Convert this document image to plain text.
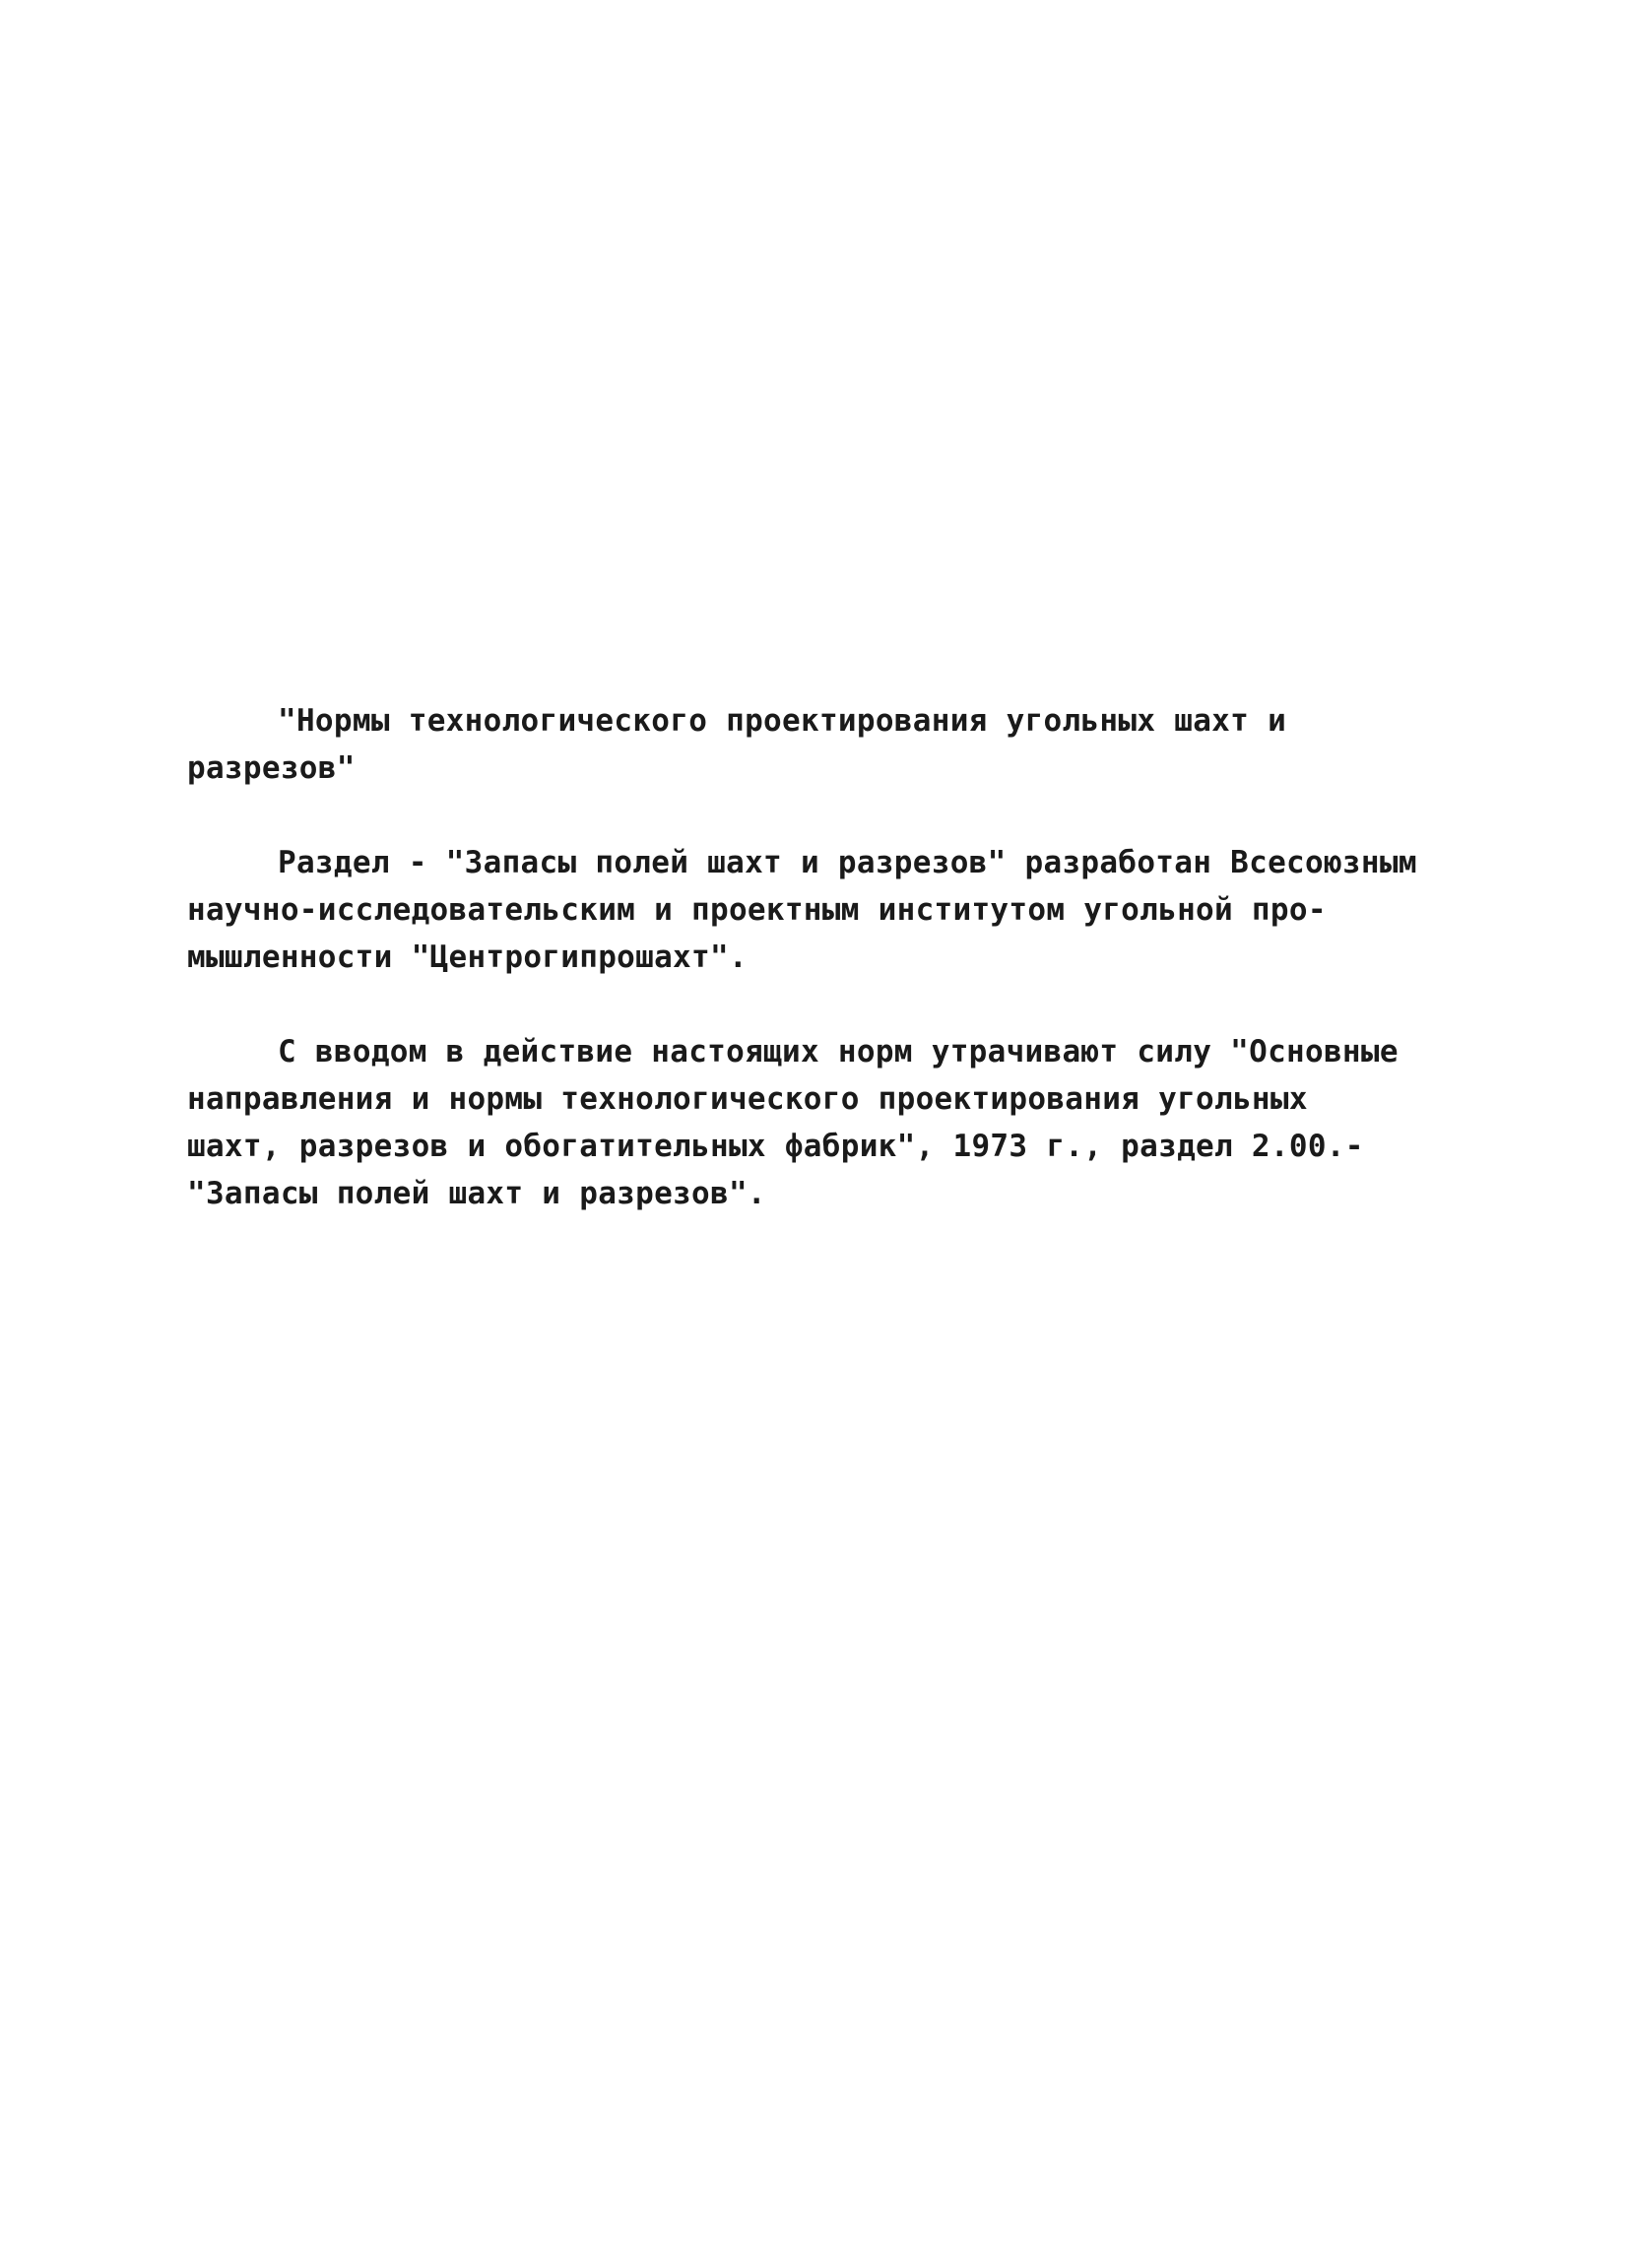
"Нормы технологического проектирования угольных шахт и
разрезов"

Раздел - "Запасы полей шахт и разрезов" разработан Всесоюзным
научно-исследовательским и проектным институтом угольной про-
мышленности "Центрогипрошахт".

С вводом в действие настоящих норм утрачивают силу "Основные
направления и нормы технологического проектирования угольных
шахт, разрезов и обогатительных фабрик", 1973 г., раздел 2.00.-
"Запасы полей шахт и разрезов".
